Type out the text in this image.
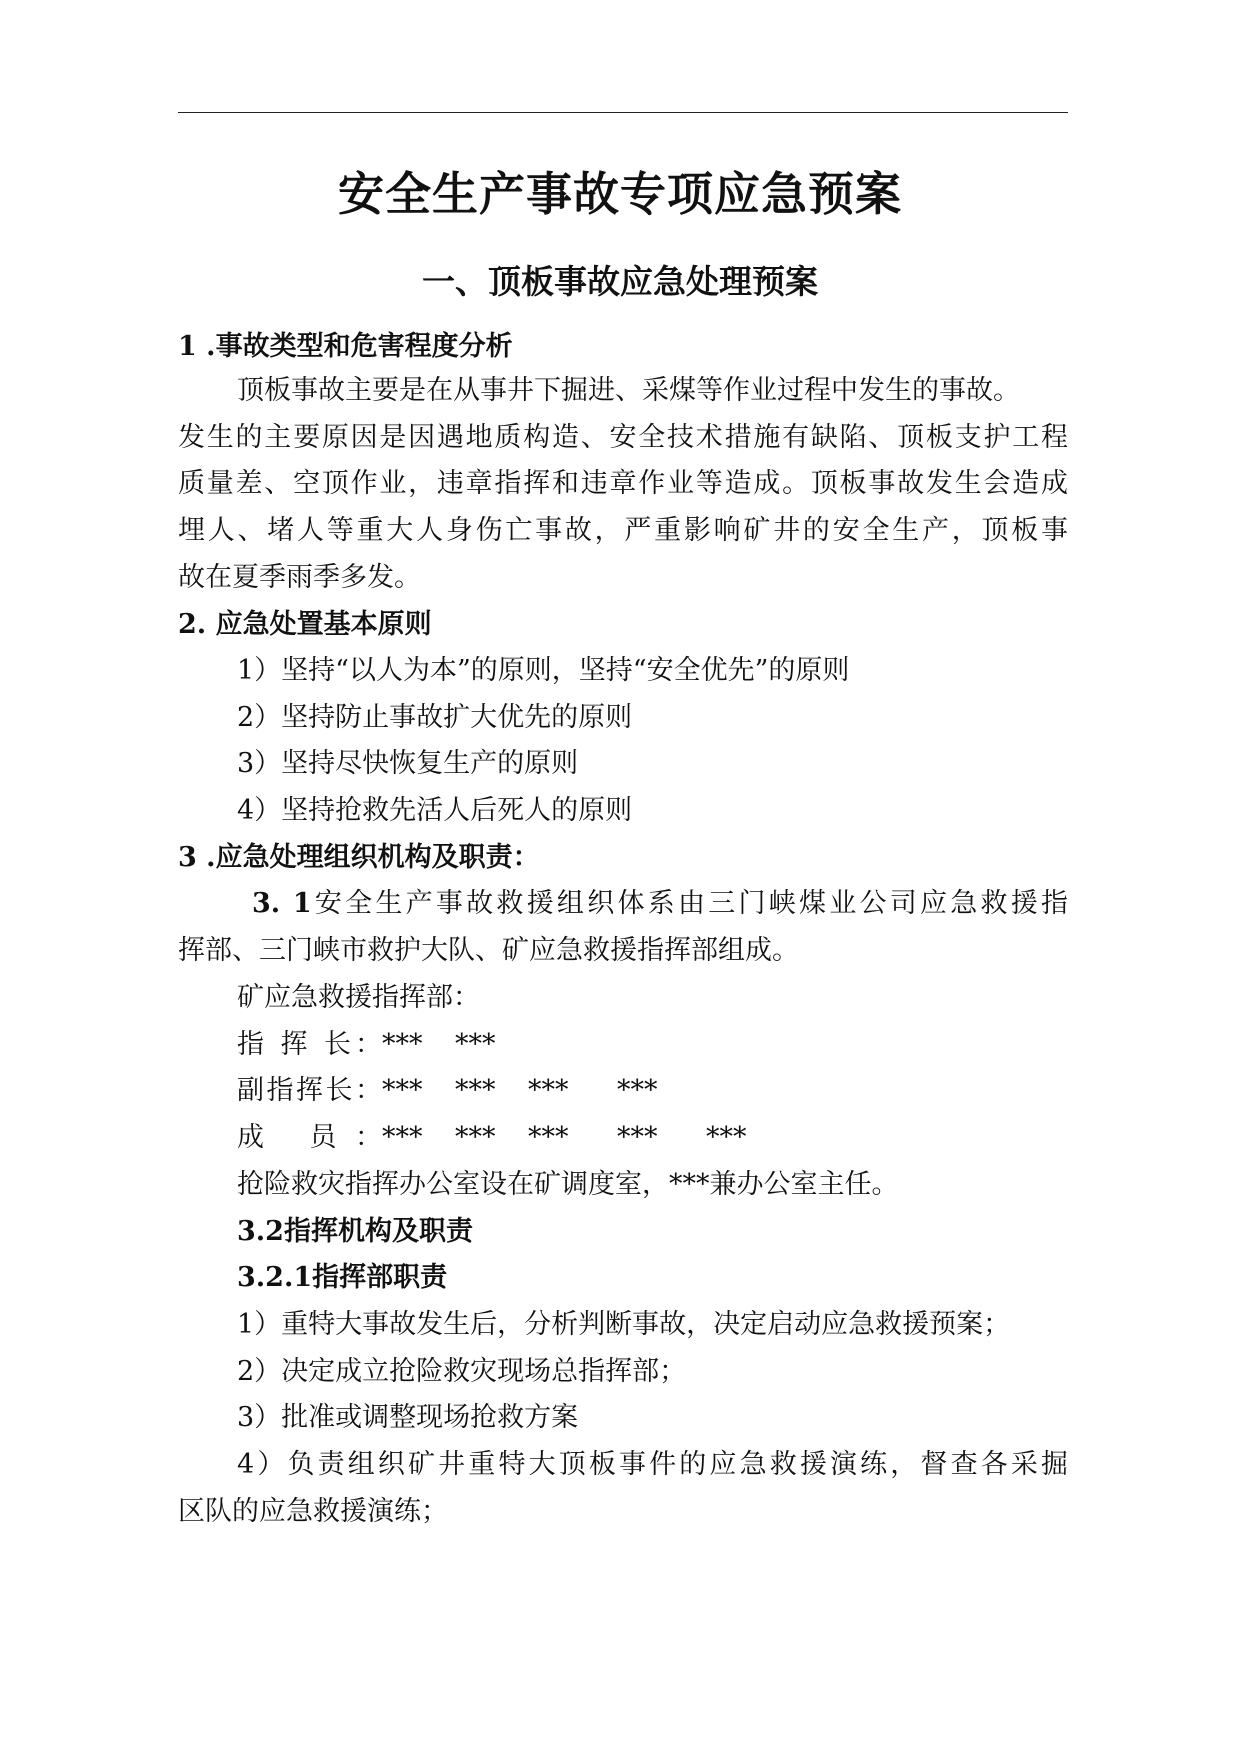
安全生产事故专项应急预案
一、顶板事故应急处理预案
1 .事故类型和危害程度分析
顶板事故主要是在从事井下掘进、采煤等作业过程中发生的事故。
发生的主要原因是因遇地质构造、安全技术措施有缺陷、顶板支护工程
质量差、空顶作业，违章指挥和违章作业等造成。顶板事故发生会造成
埋人、堵人等重大人身伤亡事故，严重影响矿井的安全生产，顶板事
故在夏季雨季多发。
2. 应急处置基本原则
1）坚持“以人为本”的原则，坚持“安全优先”的原则
2）坚持防止事故扩大优先的原则
3）坚持尽快恢复生产的原则
4）坚持抢救先活人后死人的原则
3 .应急处理组织机构及职责：
3. 1安全生产事故救援组织体系由三门峡煤业公司应急救援指
挥部、三门峡市救护大队、矿应急救援指挥部组成。
矿应急救援指挥部：
指 挥 长：*** ***
副指挥长：*** *** *** ***
成 员：*** *** *** *** ***
抢险救灾指挥办公室设在矿调度室，***兼办公室主任。
3.2指挥机构及职责
3.2.1指挥部职责
1）重特大事故发生后，分析判断事故，决定启动应急救援预案；
2）决定成立抢险救灾现场总指挥部；
3）批准或调整现场抢救方案
4）负责组织矿井重特大顶板事件的应急救援演练，督查各采掘
区队的应急救援演练；
